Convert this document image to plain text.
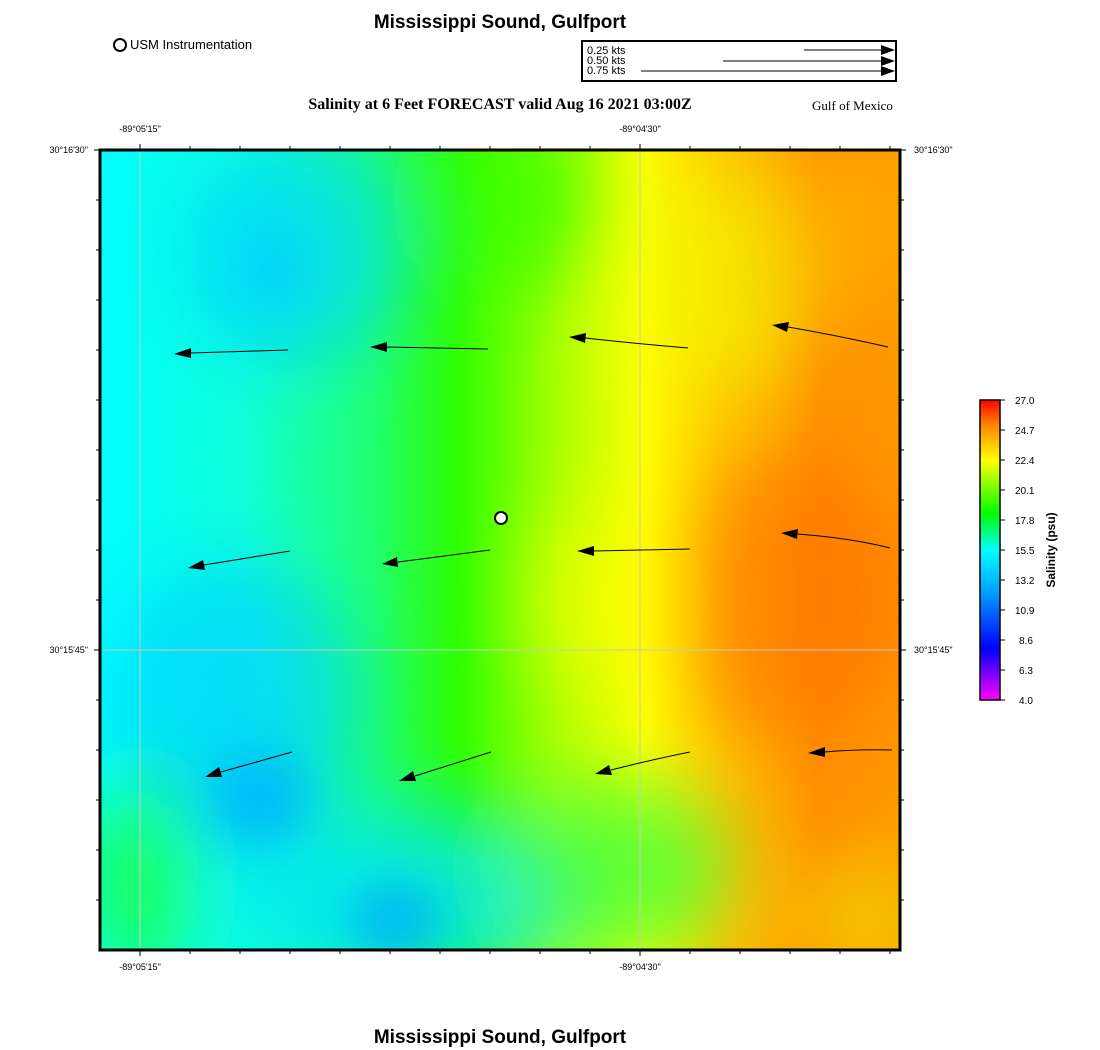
Mississippi Sound, Gulfport
USM Instrumentation	0.25 kts
0.50 kts
0.75 kts
Salinity at 6 Feet FORECAST valid Aug 16 2021 03:00Z	Gulf of Mexico
27.0
24.7
22.4
20.1
17.8
15.5
13.2
10.9
8.6
6.3
4.0
Salinity (psu)
-89°05'15"	-89°04'30"
-89°05'15"	-89°04'30"
30°16'30"
30°15'45"
30°16'30"
30°15'45"
Mississippi Sound, Gulfport
